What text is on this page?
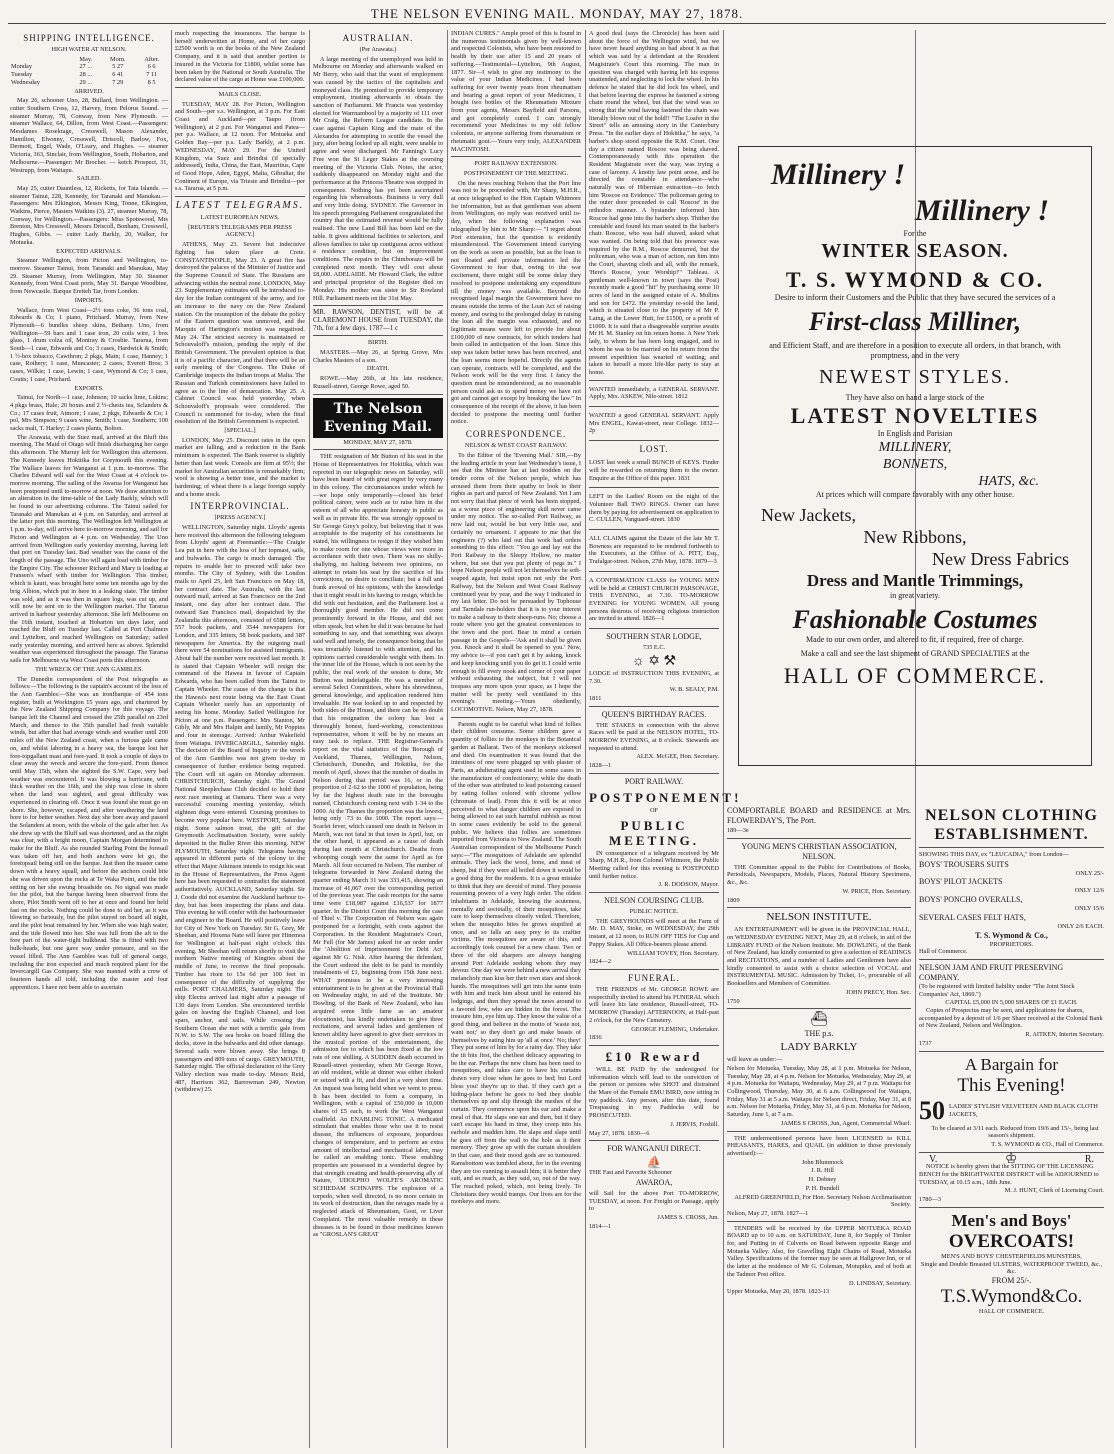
THE NELSON EVENING MAIL. MONDAY, MAY 27, 1878.
SHIPPING INTELLIGENCE.
HIGH WATER AT NELSON.
	May.	Morn.	After.
Monday	27 ...	5 27	6 6
Tuesday	28 ...	6 41	7 11
Wednesday	29 ...	7 29	8 5
ARRIVED.

May 26, schooner Uno, 28, Bullard, from Wellington. — cutter Southern Cross, 12, Harvey, from Pelorus Sound. — steamer Murray, 78, Conway, from New Plymouth. — steamer Wallace, 64, Dillon, from West Coast.—Passengers: Mesdames Rosekrage, Cresswell, Mason Alexander, Hamilton, Elvonny, Cresswell, Driscoll, Barlow, Fox, Dermott, Engel, Wade, O'Leary, and Hughes. — steamer Victoria, 363, Sinclair, from Wellington, South, Hobarton, and Melbourne.—Passenger: Mr Brocher. — ketch Prospect, 31, Westrupp, from Waitapu.

SAILED.

May 25, cutter Dauntless, 12, Ricketts, for Tata Islands. — steamer Tainui, 228, Kennedy, for Taranaki and Manukau.—Passengers: Mrs Elkington, Messrs King, Tonne, Elkington, Watkins, Pierce, Masters Watkins (3). 27, steamer Murray, 78, Conway, for Wellington.—Passengers: Miss Spotswood, Mrs Brenton, Mrs Cresswell, Messrs Driscoll, Bonham, Cresswell, Hughes, Gibbs. — cutter Lady Barkly, 20, Walker, for Motueka.

EXPECTED ARRIVALS.

Steamer Wellington, from Picton and Wellington, to-morrow. Steamer Tainui, from Taranaki and Manukau, May 29. Steamer Murray, from Wellington, May 30. Steamer Kennedy, from West Coast ports, May 31. Barque Woodbine, from Newcastle. Barque Eretteh Tar, from London.

IMPORTS.

Wallace, from West Coast—2½ tons coke, 36 tons coal, Edwards & Co; 1 piano, Pritchard. Murray, from New Plymouth—6 bundles sheep skins, Bethany. Uno, from Wellington—59 bars and 1 case iron, 20 coils wire, 1 box glass, 1 drum colza oil, Montray & Crosbie. Tararua, from South—1 case, Edwards and Co; 3 cases, Hardwick & Smith; 1 ½-box tobacco, Cawthron; 2 pkgs, Main; 1 case, Hanney; 1 case, Rothery; 1 case, Muncaster; 2 cases, Everett Bros; 3 cases, Wilkie; 1 case, Lewin; 1 case, Wymond & Co; 1 case, Coutts; 1 case, Prichard.

EXPORTS.

Tainui, for North—1 case, Johnson; 10 sacks lime, Lukins; 4 pkgs brass, Hale; 20 boxes and 2 ½-chests tea, Sclanders & Co.; 17 cases fruit, Atmore; 1 case, 2 pkgs, Edwards & Co; 1 pol, Mrs Simpson; 9 cases wine, Smith; 1 case, Southern; 100 sacks malt, T. Harley; 2 cases plants, Bolton.

The Arawata, with the Suez mail, arrived at the Bluff this morning. The Maid of Otago will finish discharging her cargo this afternoon. The Murray left for Wellington this afternoon. The Kennedy leaves Hokitika for Greymouth this evening. The Wallace leaves for Wanganui at 1 p.m. to-morrow. The Charles Edward will sail for the West Coast at 4 o'clock to-morrow morning. The sailing of the Awarua for Wanganui has been postponed until to-morrow at noon. We draw attention to an alteration in the time-table of the Lady Barkly, which will be found in our advertising columns. The Tainui sailed for Taranaki and Manukau at 4 p.m. on Saturday, and arrived at the latter port this morning. The Wellington left Wellington at 1 p.m. to-day, will arrive here to-morrow morning, and sail for Picton and Wellington at 4 p.m. on Wednesday. The Uno arrived from Wellington early yesterday morning, having left that port on Tuesday last. Bad weather was the cause of the length of the passage. The Uno will again load with timber for the Empire City. The schooner Richard and Mary is loading at Fransen's wharf with timber for Wellington. This timber, which is kauri, was brought here some ten months ago by the brig Albion, which put in here in a leaking state. The timber was sold, and as it was then in square logs, was cut up, and will now be sent on to the Wellington market. The Tararua arrived in harbour yesterday afternoon. She left Melbourne on the 16th instant, touched at Hobarton ten days later, and reached the Bluff on Tuesday last. Called at Port Chalmers and Lyttelton, and reached Wellington on Saturday; sailed early yesterday morning, and arrived here as above. Splendid weather was experienced throughout the passage. The Tararua sails for Melbourne via West Coast ports this afternoon.

THE WRECK OF THE ANN GAMBLES.

The Dunedin correspondent of the Post telegraphs as follows:—The following is the captain's account of the loss of the Ann Gambles:—She was an ironIbarque of 454 tons register, built at Workington 15 years ago, and chartered by the New Zealand Shipping Company for this voyage. The barque left the Channel and crossed the 25th parallel on 23rd March, and thence to the 35th parallel had fresh variable winds, but after that had average winds and weather until 200 miles off the New Zealand coast, when a furious gale came on, and whilst laboring in a heavy sea, the barque lost her fore-topgallant mast and fore-yard. It took a couple of days to clear away the wreck and secure the fore-yard. From thence until May 15th, when she sighted the S.W. Cape, very bad weather was encountered. It was blowing a hurricane, with thick weather on the 16th, and the ship was close in shore when the land was sighted, and great difficulty was experienced in clearing off. Once it was found she must go on shore. She, however, escaped, and after weathering the land bore to for better weather. Next day she bore away and passed the Solanders at noon, with the whole of the gale after her. As she drew up with the Bluff sail was shortened, and as the night was clear, with a bright moon, Captain Morgan determined to make for the Bluff. As she rounded Starling Point the foresail was taken off her, and both anchors were let go, the foretopsail being still on the barque. Just then the master came down with a heavy squall, and before the anchors could bite she was driven upon the rocks at Te Waka Point, and the tide setting on her she swung broadside on. No signal was made for the pilot, but the barque having been observed from the shore, Pilot Smith went off to her at once and found her held fast on the rocks. Nothing could be done to aid her, as it was blowing so furiously, but the pilot stayed on board all night, and the pilot boat remained by her. When she was high water, and the tide flowed into her. She was full from the aft to the fore part of the water-tight bulkhead. She is fitted with two bulk-heads, but one gave way under pressure, and so the vessel filled. The Ann Gambles was full of general cargo, including the iron expected and much required plant for the Invercargill Gas Company. She was manned with a crew of fourteen hands all told, including the master and four apprentices. I have not been able to ascertain

much respecting the insurances. The barque is herself underwritten at Home, and of her cargo £2500 worth is on the books of the New Zealand Company, and it is said that another portion is insured in the Victoria for £1800, whilst some has been taken by the National or South Australia. The declared value of the cargo at Home was £100,000.

MAILS CLOSE.

TUESDAY, MAY 28. For Picton, Wellington and South—per s.s. Wellington, at 3 p.m. For East Coast and Auckland—per Taupo (from Wellington), at 2 p.m. For Wanganui and Patea—per p.s. Wallace, at 12 noon. For Motueka and Golden Bay—per p.s. Lady Barkly, at 2 p.m. WEDNESDAY, MAY 29. For the United Kingdom, via Suez and Brindisi (if specially addressed), India, China, the East, Mauritius, Cape of Good Hope, Aden, Egypt, Malta, Gibraltar, the Continent of Europe, via Trieste and Brindisi—per s.s. Tararua, at 5 p.m.

LATEST TELEGRAMS.
LATEST EUROPEAN NEWS.
[REUTER'S TELEGRAMS PER PRESS AGENCY.]

ATHENS, May 23. Severe but indecisive fighting has taken place at Crete. CONSTANTINOPLE, May 23. A great fire has destroyed the palaces of the Minister of Justice and the Supreme Council of State. The Russians are advancing within the neutral zone. LONDON, May 23. Supplementary estimates will be introduced to-day for the Indian contingent of the army, and for an increase to the navy on the New Zealand station. On the resumption of the debate the policy of the Eastern question was unmoved, and the Marquis of Hartington's motion was negatived. May 24. The strictest secrecy is maintained re Schouvaloff's mission, pending the reply of the British Government. The prevalent opinion is that it is of a pacific character, and that there will be an early meeting of the Congress. The Duke of Cambridge inspects the Indian troops at Malta. The Russian and Turkish commissioners have failed to agree as to the line of demarcation. May 25. A Cabinet Council was held yesterday, when Schouvaloff's proposals were considered. The Council is summoned for to-day, when the final resolution of the British Government is expected.

[SPECIAL.]

LONDON, May 25. Discount rates in the open market are falling, and a reduction in the Bank minimum is expected. The Bank reserve is slightly better than last week. Consols are firm at 95½; the market for Australian securities is remarkably firm; wool is showing a better tone, and the market is hardening; of wheat there is a large foreign supply and a home stock.

INTERPROVINCIAL.
[PRESS AGENCY.]

WELLINGTON, Saturday night. Lloyds' agents here received this afternoon the following telegram from Lloyds' agent at Freemantle:—The Craigie Lea put in here with the loss of her topmast, sails, and bulwarks. The cargo is much damaged. The repairs to enable her to proceed will take two months. The City of Sydney, with the London mails to April 25, left San Francisco on May 18, her contract date. The Australia, with the last outward mail, arrived at San Francisco on the 2nd instant, one day after her contract date. The outward San Francisco mail, despatched by the Zealandia this afternoon, consisted of 6588 letters, 557 book packets, and 3544 newspapers for London, and 335 letters, 58 book packets, and 387 newspapers for America. By the outgoing mail there were 54 nominations for assisted immigrants. About half the number were received last month. It is stated that Captain Wheeler will resign the command of the Hawea in favour of Captain Edwards, who has been called from the Tainui to Captain Wheeler. The cause of the change is that the Hawea's next route being via the East Coast Captain Wheeler rarely has an opportunity of seeing his home. Monday. Sailed Wellington for Picton at one p.m. Passengers: Mrs Stanton, Mr Gibly, Mr and Mrs Halpin and family, Mr Poppins and four in steerage. Arrived: Arthur Wakefield from Waitapu. INVERCARGILL, Saturday night. The decision of the Board of Inquiry re the wreck of the Ann Gambles was not given to-day in consequence of further evidence being required. The Court will sit again on Monday afternoon. CHRISTCHURCH, Saturday night. The Grand National Steeplechase Club decided to hold their next race meeting at Oamaru. There was a very successful coursing meeting yesterday, which eighteen dogs were entered. Coursing promises to become very popular here. WESTPORT, Saturday night. Some salmon trout, the gift of the Greymouth Acclimatisation Society, were safely deposited in the Buller River this morning. NEW PLYMOUTH, Saturday night. Telegrams having appeared in different parts of the colony to the effect that Major Atkinson intends to resign his seat in the House of Representatives, the Press Agent here has been requested to contradict the statement authoritatively. AUCKLAND, Saturday night. Sir J. Coode did not examine the Auckland harbour to-day, but has been inspecting the plans and data. This evening he will confer with the harbourmaster and engineer to the Board. He will positively leave for City of New York on Tuesday. Sir G. Grey, Mr Sheehan, and Hoxena Nate will leave per Hinemoa for Wellington at half-past eight o'clock this evening. Mr Sheehan will return shortly to visit the northern Native meeting of Kingites about the middle of June, to receive the final proposals. Timber has risen to 15s 6d per 100 feet in consequence of the difficulty of supplying the mills. PORT CHALMERS, Saturday night. The ship Electra arrived last night after a passage of 130 days from London. She encountered terrible gales on leaving the English Channel, and lost spars, anchor, and sails. While crossing the Southern Ocean she met with a terrific gale from N.W. to S.W. The sea broke on board filling the decks, stove in the bulwarks and did other damage. Several sails were blown away. She brings 8 passengers and 809 tons of cargo. GREYMOUTH, Saturday night. The official declaration of the Grey Valley election was made to-day. Messrs Reid, 487, Harrison 362, Barrowman 249, Newton (withdrew) 25.

AUSTRALIAN.
(Per Arawata.)

A large meeting of the unemployed was held in Melbourne on Monday and afterwards walked on Mr Berry, who said that the want of employment was caused by the tactics of the capitalists and moneyed class. He promised to provide temporary employment, trusting afterwards to obtain the sanction of Parliament. Mr Francis was yesterday elected for Warrnambool by a majority of 111 over Mr Craig, the Reform League candidate. In the case against Captain King and the mate of the Alexandra for attempting to scuttle the vessel the jury, after being locked up all night, were unable to agree and were discharged. Mr Fanning's Lucy Free won the St Leger Stakes at the coursing meeting of the Victoria Club. Notes, the actor, suddenly disappeared on Monday night and the performance at the Princess Theatre was stopped in consequence. Nothing has yet been ascertained regarding his whereabouts. Business is very dull and very little doing. SYDNEY. The Governor in his speech proroguing Parliament congratulated the country that the estimated revenue would be fully realised. The new Land Bill has been laid on the table. It gives additional facilities to selectors, and allows families to take up contiguous acres without a residence condition, but on improvement conditions. The repairs to the Chimborazo will be completed next month. They will cost about £8,000. ADELAIDE. Mr Howard Clark, the editor and principal proprietor of the Register died on Monday. His mother was sister to Sir Rowland Hill. Parliament meets on the 31st May.

MR. RAWSON, DENTIST, will be at CLAREMONT HOUSE from TUESDAY, the 7th, for a few days. 1787—1 c

BIRTH.

MASTERS.—May 26, at Spring Grove, Mrs Charles Masters of a son.

DEATH.

ROWE.—May 26th, at his late residence, Russell-street, George Rowe, aged 50.

The Nelson Evening Mail.
MONDAY, MAY 27, 1878.

THE resignation of Mr Button of his seat in the House of Representatives for Hokitika, which was reported in our telegraphic news on Saturday, will have been heard of with great regret by very many in this colony. The circumstances under which he—we hope only temporarily—closed his brief political career, were such as to raise him in the esteem of all who appreciate honesty in public as well as in private life. He was strongly opposed to Sir George Grey's policy, but believing that it was acceptable to the majority of his constituents he stated, his willingness to resign if they wished him to make room for one whose views were more in accordance with their own. There was no shilly-shallying, no halting between two opinions, no attempt to retain his seat by the sacrifice of his convictions, no desire to conciliate; but a full and frank avowal of his opinions, with the knowledge that it might result in his having to resign, which he did with out hesitation, and the Parliament lost a thoroughly good member. He did not come prominently forward in the House, and did not often speak, but when he did it was because he had something to say, and that something was always said well and tersely, the consequence being that he was invariably listened to with attention, and his opinions carried considerable weight with them. In the inner life of the House, which is not seen by the public, the real work of the session is done, Mr Button was indefatigable. He was a member of several Select Committees, where his shrewdness, general knowledge, and application rendered him invaluable. He was looked up to and respected by both sides of the House, and there can be no doubt that his resignation the colony has lost a thoroughly honest, hard-working, conscientious representative, whom it will be by no means an easy task to replace. THE Registrar-General's report on the vital statistics of the Borough of Auckland, Thames, Wellington, Nelson, Christchurch, Dunedin, and Hokitika, for the month of April, shows that the number of deaths in Nelson during that period was 16, or in the proportion of 2·62 to the 1000 of population, being by far the highest death rate in the boroughs named, Christchurch coming next with 1·34 to the 1000. At the Thames the proportion was the lowest, being only ·73 to the 1000. The report says:—Scarlet fever, which caused one death in Nelson in March, was not fatal in that town in April, but, on the other hand, it appeared as a cause of death during last month at Christchurch. Deaths from whooping cough were the same for April as for March. All four occurred in Nelson. The number of telegrams forwarded in New Zealand during the quarter ending March 31 was 333,415, showing an increase of 41,067 over the corresponding period of the previous year. The cash receipts for the same time were £18,987 against £16,537 for 1877 quarter. In the District Court this morning the case of Thiel v. The Corporation of Nelson was again postponed for a fortnight, with costs against the Corporation. In the Resident Magistrate's Court, Mr Fell (for Mr James) asked for an order under the 'Abolition of Imprisonment for Debt Act' against Mr G. Nisk. After hearing the defendant, the Court ordered the debt to be paid in monthly instalments of £1, beginning from 15th June next. WHAT promises to be a very interesting entertainment is to be given at the Provincial Hall on Wednesday night, in aid of the Institute. Mr Dowling, of the Bank of New Zealand, who has acquired some little fame as an amateur elocutionist, has kindly undertaken to give three recitations, and several ladies and gentlemen of known ability have agreed to give their services in the musical portion of the entertainment, the admission fee to which has been fixed at the low rate of one shilling. A SUDDEN death occurred in Russell-street yesterday, when Mr George Rowe, an old resident, while at dinner was either choked or seized with a fit, and died in a very short time. An inquest was being held when we went to press. It has been decided to form a company, in Wellington, with a capital of £50,000 in 10,000 shares of £5 each, to work the West Wanganui coalfield. An ENABLING TONIC. A medicated stimulant that enables those who use it to resist disease, the influences of exposure, jeopardous changes of temperature, and to perform an extra amount of intellectual and mechanical labor, may be called an enabling tonic. These enabling properties are possessed in a wonderful degree by that strength creating and health-preserving ally of Nature, UDOLPHO WOLFE'S AROMATIC SCHIEDAM SCHNAPPS. The explosion of a torpedo, when well directed, is no more certain in its work of destruction, than the ravages made by a neglected attack of Rheumatism, Gout, or Liver Complaint. The most valuable remedy in these diseases is to be found in those medicines known as "GROSLAN'S GREAT

INDIAN CURES." Ample proof of this is found in the numerous testimonials given by well-known and respected Colonists, who have been restored to health by their use after 15 and 20 years of suffering.—Testimonial—Lyttelton, 9th August, 1877. Sir—I wish to give my testimony to the value of your Indian Medicines. I had been suffering for over twenty years from rheumatism and bearing a great report of your Medicines, I bought two bottles of the Rheumatism Mixture from your agents, Messrs Bayfield and Parsons, and got completely cured. I can strongly recommend your Medicines to my old fellow colonists, or anyone suffering from rheumatism or rheumatic gout.—Yours very truly, ALEXANDER MACINTOSH.

PORT RAILWAY EXTENSION.
POSTPONEMENT OF THE MEETING.

On the news reaching Nelson that the Port line was not to be proceeded with, Mr Sharp, M.H.R., at once telegraphed to the Hon Captain Whitmore for information, but as that gentleman was absent from Wellington, no reply was received until to-day, when the following explanation was telegraphed by him to Mr Sharp:— "I regret about Port extension, but the question is evidently misunderstood. The Government intend carrying on the work as soon as possible, but as the loan is not floated and private information led the Government to fear that, owing to the war excitement, there might still be some delay they resolved to postpone undertaking any expenditure till the money was available. Beyond the recognised legal margin the Government have no means outside the terms of the Loan Act of raising money, and owing to the prolonged delay in raising the loan all the margin was exhausted, and no legitimate means were left to provide for about £100,000 of new contracts, for which tenders had been called in anticipation of the loan. Since this step was taken better news has been received, and the loan seems more hopeful. Directly the agents can operate, contracts will be completed, and the Nelson work will be the very first. I fancy the question must be misunderstood, as no reasonable person could ask us to spend money we have not got and cannot get except by breaking the law." In consequence of the receipt of the above, it has been decided to postpone the meeting until further notice.

CORRESPONDENCE.
NELSON & WEST COAST RAILWAY.

To the Editor of the 'Evening Mail.' SIR,—By the leading article in your last Wednesday's issue, I see that the Minister has at last trodden on the tender corns of the Nelson people, which has aroused them from their apathy to look to their rights as part and parcel of New Zealand. Yet I am not sorry that that piece of work has been stopped, as a worse piece of engineering skill never came under my notice. The so-called Port Railway, as now laid out, would be but very little use, and certainly no ornament. I appeare to me that the engineers (?) who laid out that work had orders something to this effect: "You go and lay out the Port Railway in the Sleepy Hollow, no matter where, but see that you put plenty of pegs in." I hope Nelson people will not let themselves be soft-soaped again, but insist upon not only the Port Railway, but the Nelson and West Coast Railway continued year by year, and the way I indicated in my last letter. Do not be persuaded by Tophouse and Tarndale run-holders that it is to your interest to make a railway to their sheep-runs. No; choose a route where you get the greatest conveniences to the town and the port. Bear in mind a certain passage in the Gospels—'Ask and it shall be given you. Knock and it shall be opened to you.' Now, my advice is—if you can't get it by asking, knock and keep knocking until you do get it. I could write enough to fill every nook and corner of your paper without exhausting the subject, but I will not trespass any more upon your space, as I hope the matter will be pretty well ventilated in this evening's meeting.—Yours obediently, LOCOMOTIVE. Nelson, May 27, 1878.

Parents ought to be careful what kind of follies their children consume. Some children gave a quantity of follies to the monkeys in the Botanical garden at Ballarat. Two of the monkeys sickened and died. On examination it was found that the intestines of one were plugged up with plaster of Paris, an adulterating agent used in some cases in the manufacture of confectionery; while the death of the other was attributed to lead poisoning caused by eating follies colored with chrome yellow (chromate of lead). From this it will be at once perceived to what danger children are exposed in being allowed to eat such harmful rubbish as most in some cases evidently be sold to the general public. We believe that follies are sometimes imported from Victoria to New Zealand. The South Australian correspondent of the Melbourne Punch says:—"The mosquitoes of Adelaide are splendid animals. They lack the wool, bone, and meat of sheep, but if they were all boiled down it would be a good thing for the residents. It is a great mistake to think that they are devoid of mind. They possess reasoning powers of a very high order. The oldest inhabitants in Adelaide, knowing the acuteness, mentally and societally, of their mosquitoes, take care to keep themselves closely veiled. Therefore, when the mosquito bites he grows stupified at once, and so falls an easy prey to its craftier victims. The mosquitoes are aware of this, and accordingly took counsel for a new chase. Two or three of the old sharpers are always hanging around Port Adelaide seeking whom they may devour. One day we were behind a new arrival they melancholy man kiss her their own stars and shook hands. The mosquitoes will get into the same train with him and track him about until he entered his lodgings, and then they spread the news around to a favored few, who are hidden in the forest. The treasure him, eye him up. They know the value of a good thing, and believe in the motto of 'waste not, want not;' so they don't go and make beasts of themselves by eating him up 'all at once.' No; they! They put some of him by for a rainy day. They take the tit bits first, the cheiliest delicacy appearing to be the ear. Perhaps the new chum has been used to mosquitoes, and takes care to have his curtains drawn very close when he goes to bed; but Lord bless you! they're up to that. If they can't get a hiding-place before he goes to bed they double themselves up and slip through the meshes of the curtain. They commence upon his ear and make a meal of that. He slaps one ear and then, but if they can't escape his hand in time, they creep into his earhole and madden him. He slaps and slaps until he goes off from the wall to the hole as it their memory. They grow up with the curtain shoulders in that case, and their mood gods are so tumoured. Ramsbottom was tumbled about, for in the evening they are too cunning to assault him; it is better they suit, and so reach, as they said, so, out of the way. The reached poked, which, not being lively. To Christians they would tramps. Our lives are for the monkeys and more.

A good deal (says the Chronicle) has been said about the force of the Wellington wind, but we have never heard anything so bad about it as that which was said by a defendant at the Resident Magistrate's Court this morning. The man in question was charged with having left his express unattended, and neglecting to lock the wheel. In his defence he stated that he did lock his wheel, and that before leaving the express he fastened a strong chain round the wheel, but that the wind was so strong that the wind having fastened the chain was literally blown out of the hold!! "The Loafer in the Street" tells an amusing story in the Canterbury Press. "In the earlier days of Hokitika," he says, "a barber's shop stood opposite the R.M. Court. One day a citizen named Roscoe was being shaved. Contemporaneously with this operation the Resident Magistrate over the way, was trying a case of larceny. A knotty law point arose, and he directed the constable in attendance—who naturally was of Hibernian extraction—to fetch him 'Roscoe on Evidence.' The policeman going to the outer door proceeded to call 'Roscoe' in the orthodox manner. A bystander informed him Roscoe had gone into the barber's shop. Thither the constable and found his man seated in the barber's chair. Roscoe, who was half shaved, asked what was wanted. On being told that his presence was required by the R.M., Roscoe demurred, but the policeman, who was a man of action, ran him into the Court, shaving cloth and all, with the remark, 'Here's Roscoe, your Worship!'" Tableau. A gentleman well-known in town (says the Post) recently made a good "hit" by purchasing some 10 acres of land in the assigned estate of A. Mullins and son for £472. He yesterday re-sold the land, which is situated close to the property of Mr P. Laing, at the Lower Hutt, for £1500, or a profit of £1000. It is said that a disagreeable surprise awaits Mr H. M. Stanley on his return home. A New York lady, to whom he has been long engaged, and to whom he was to be married on his return from the present expedition has wearied of waiting, and taken to herself a more life-like party to stay at home.

WANTED immediately, a GENERAL SERVANT. Apply, Mrs. ASKEW, Nile-street. 1812

WANTED a good GENERAL SERVANT. Apply Mrs ENGEL, Kawai-street, near College. 1832—2p

LOST.

LOST last week a small BUNCH of KEYS. Finder will be rewarded on returning them to the owner. Enquire at the Office of this paper. 1831

LEFT in the Ladies' Room on the night of the Volunteer Ball TWO RINGS. Owner can have them by paying for advertisement on application to C. CULLEN, Vanguard-street. 1830

ALL CLAIMS against the Estate of the late Mr T. Bowness are requested to be rendered forthwith to the Executors, at the Office of A. PITT, Esq., Trafalgar-street. Nelson, 27th May, 1878. 1879—3

A CONFIRMATION CLASS for YOUNG MEN will be held at CHRIST CHURCH PARSONAGE, THIS EVENING, at 7.30. TO-MORROW EVENING for YOUNG WOMEN. All young persons desirous of receiving religious instruction are invited to attend. 1826—1

SOUTHERN STAR LODGE,
735 E.C.
☼ ✡ ⚒

LODGE of INSTRUCTION THIS EVENING, at 7.30.

W. B. SEALY, P.M.

1811

QUEEN'S BIRTHDAY RACES.

THE STAKES in connection with the above Races will be paid at the NELSON HOTEL, TO-MORROW EVENING, at 8 o'clock. Stewards are requested to attend.

ALEX. McGEE, Hon. Secretary.

1828—1

PORT RAILWAY.
POSTPONEMENT!
OF
PUBLIC MEETING.

IN consequence of a telegram received by Mr Sharp, M.H.R., from Colonel Whitmore, the Public Meeting called for this evening is POSTPONED until further notice.

J. R. DODSON, Mayor.

NELSON COURSING CLUB.
PUBLIC NOTICE.

THE GREYHOUNDS will meet at the Farm of Mr. D. MAY, Stoke, on WEDNESDAY, the 29th instant, at 12 noon, to RUN OFF TIES for Cup and Puppy Stakes. All Office-bearers please attend.

WILLIAM TOVEY, Hon. Secretary.

1824—2

FUNERAL.

THE FRIENDS of Mr. GEORGE ROWE are respectfully invited to attend his FUNERAL which will leave his late residence, Russell-street, TO-MORROW (Tuesday) AFTERNOON, at Half-past 2 o'clock, for the New Cemetery.

GEORGE FLEMING, Undertaker.

1836

£10 Reward

WILL BE PAID by the undersigned for information which will lead to the conviction of the person or persons who SHOT and distrained the Mare of the Female EMU BIRD, now sitting in my paddock. Any person, after this date, found Trespassing in my Paddocks will be PROSECUTED.

J. JERVIS, Foxhill.

May 27, 1878. 1830—6

FOR WANGANUI DIRECT.
⛵

THE Fast and Favorite Schooner

AWAROA,

will Sail for the above Port TO-MORROW, TUESDAY, at noon. For Freight or Passage, apply to

JAMES S. CROSS, Jun.

1814—1

Millinery !
Millinery !
For the
WINTER SEASON.
T. S. WYMOND & CO.
Desire to inform their Customers and the Public that they have secured the services of a
First-class Milliner,
and Efficient Staff, and are therefore in a position to execute all orders, in that branch, with promptness, and in the very
NEWEST STYLES.
They have also on hand a large stock of the
LATEST NOVELTIES
In English and Parisian
MILLINERY,
BONNETS,
HATS, &c.
At prices which will compare favorably with any other house.
New Jackets,
New Ribbons,
New Dress Fabrics
Dress and Mantle Trimmings,
in great variety.
Fashionable Costumes
Made to our own order, and altered to fit, if required, free of charge.
Make a call and see the last shipment of GRAND SPECIALTIES at the
HALL OF COMMERCE.

COMFORTABLE BOARD and RESIDENCE at Mrs. FLOWERDAY'S, The Port.

189—3e

YOUNG MEN'S CHRISTIAN ASSOCIATION, NELSON.

THE Committee appeal to the Public for Contributions of Books, Periodicals, Newspapers, Models, Places, Natural History Specimens, &c., &c.

W. PRICE, Hon. Secretary.

1809

NELSON INSTITUTE.

AN ENTERTAINMENT will be given in the PROVINCIAL HALL, on WEDNESDAY EVENING NEXT, May 29, at 8 o'clock, in aid of the LIBRARY FUND of the Nelson Institute. Mr. DOWLING, of the Bank of New Zealand, has kindly consented to give a selection of READINGS and RECITATIONS, and a number of Ladies and Gentlemen have also kindly consented to assist with a choice selection of VOCAL and INSTRUMENTAL MUSIC. Admission by Ticket, 1/-, procurable of all Booksellers and Members of Committee.

JOHN PRECY, Hon. Sec.

1750

⛴
THE p.s.
LADY BARKLY

will leave as under:—

Nelson for Motueka, Tuesday, May 28, at 1 p.m. Motueka for Nelson, Tuesday, May 28, at 4 p.m. Nelson for Motueka, Wednesday, May 29, at 4 p.m. Motueka for Waitapu, Wednesday, May 29, at 7 p.m. Waitapu for Collingwood, Thursday, May 30, at 6 a.m. Collingwood for Waitapu, Friday, May 31 at 5 a.m. Waitapu for Nelson direct, Friday, May 31, at 8 a.m. Nelson for Motueka, Friday, May 31, at 6 p.m. Motueka for Nelson, Saturday, June 1, at 7 a.m.

JAMES S CROSS, Jun, Agent, Commercial Wharf.

THE undermentioned persons have been LICENSED to KILL PHEASANTS, HARES, and QUAIL (in addition to those previously advertised):—

John Blummock

J. R. Hill

H. Dobney

P. H. Bundell

ALFRED GREENFIELD, For Hon. Secretary Nelson Acclimatisation Society.

Nelson, May 27, 1878. 1827—1

TENDERS will be received by the UPPER MOTUEKA ROAD BOARD up to 10 a.m. on SATURDAY, June 8, for Supply of Timber for, and Putting in of Culverts on Road between opposite Range and Motueka Valley. Also, for Gravelling Eight Chains of Road, Motueka Valley. Specifications of the former may be seen at Hallgrove Inn, or of the latter at the residence of Mr G. Coleman, Motupiko, and of both at the Tadmor Post office.

D. LINDSAY, Secretary.

Upper Motueka, May 20, 1878. 1823-13

NELSON CLOTHING
ESTABLISHMENT.

SHOWING THIS DAY, ex "LEUCADIA," from London—

BOYS' TROUSERS SUITS
ONLY 25/-
BOYS' PILOT JACKETS
ONLY 12/6
BOYS' PONCHO OVERALLS,
ONLY 15/6
SEVERAL CASES FELT HATS,
ONLY 2/6 EACH.
T. S. Wymond & Co.,
PROPRIETORS.

Hall of Commerce.

NELSON JAM AND FRUIT PRESERVING COMPANY.

(To be registered with limited liability under "The Joint Stock Companies' Act, 1860.")

CAPITAL £5,000 IN 5,000 SHARES OF £1 EACH.

Copies of Prospectus may be seen, and applications for shares, accompanied by a deposit of 1/6 per Share received at the Colonial Bank of New Zealand, Nelson and Wellington.

R. AITKEN, Interim Secretary.

1737

A Bargain for
This Evening!
50 LADIES' STYLISH VELVETEEN AND BLACK CLOTH JACKETS,

To be cleared at 3/11 each. Reduced from 19/6 and 15/-, being last season's shipment.

T. S. WYMOND & CO., Hall of Commerce.

V.	♔	R.

NOTICE is hereby given that the SITTING OF THE LICENSING BENCH for the BRIGHTWATER DISTRICT will be ADJOURNED to TUESDAY, at 10.15 a.m., 18th June.

M. J. HUNT, Clerk of Licensing Court.

1780—3

Men's and Boys'
OVERCOATS!
MEN'S AND BOYS' CHESTERFIELDS MUNSTERS,
Single and Double Breasted ULSTERS, WATERPROOF TWEED, &c., &c.
FROM 25/-.
T.S.Wymond&Co.
HALL OF COMMERCE.
